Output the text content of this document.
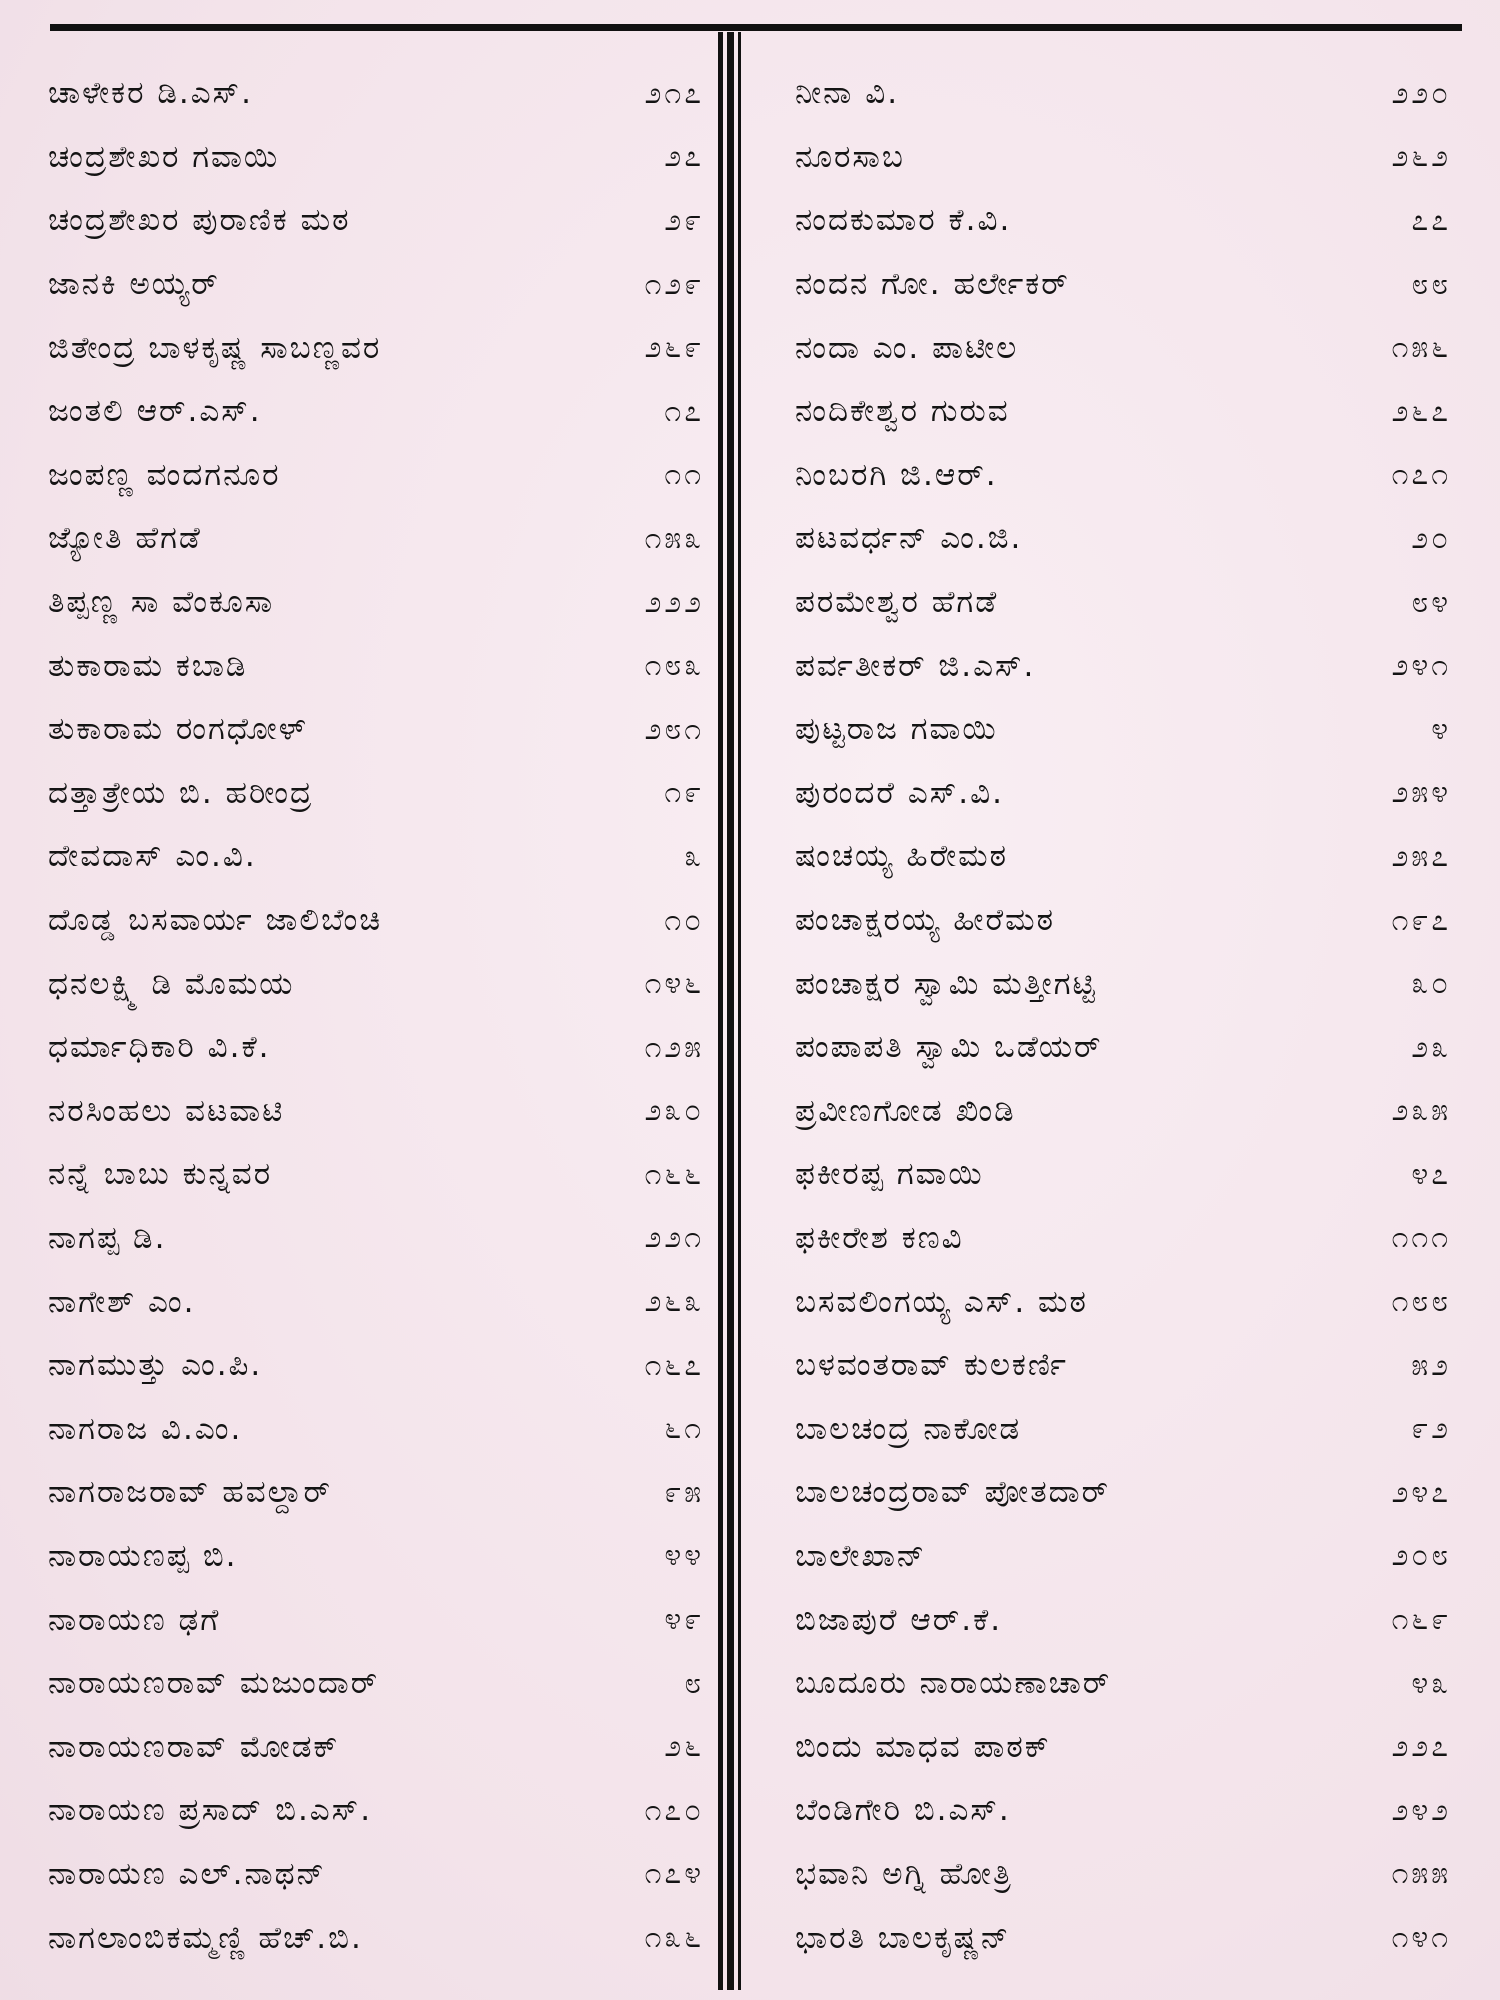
ಚಾಳೇಕರ ಡಿ.ಎಸ್.	೨೧೭
ಚಂದ್ರಶೇಖರ ಗವಾಯಿ	೨೭
ಚಂದ್ರಶೇಖರ ಪುರಾಣಿಕ ಮಠ	೨೯
ಜಾನಕಿ ಅಯ್ಯರ್	೧೨೯
ಜಿತೇಂದ್ರ ಬಾಳಕೃಷ್ಣ ಸಾಬಣ್ಣವರ	೨೬೯
ಜಂತಲಿ ಆರ್.ಎಸ್.	೧೭
ಜಂಪಣ್ಣ ವಂದಗನೂರ	೧೧
ಜ್ಯೋತಿ ಹೆಗಡೆ	೧೫೩
ತಿಪ್ಪಣ್ಣ ಸಾ ವೆಂಕೂಸಾ	೨೨೨
ತುಕಾರಾಮ ಕಬಾಡಿ	೧೮೩
ತುಕಾರಾಮ ರಂಗಧೋಳ್	೨೮೧
ದತ್ತಾತ್ರೇಯ ಬಿ. ಹರೀಂದ್ರ	೧೯
ದೇವದಾಸ್ ಎಂ.ವಿ.	೩
ದೊಡ್ಡ ಬಸವಾರ್ಯ ಜಾಲಿಬೆಂಚಿ	೧೦
ಧನಲಕ್ಷ್ಮಿ ಡಿ ಮೊಮಯ	೧೪೬
ಧರ್ಮಾಧಿಕಾರಿ ವಿ.ಕೆ.	೧೨೫
ನರಸಿಂಹಲು ವಟವಾಟಿ	೨೩೦
ನನ್ನೆ ಬಾಬು ಕುನ್ನವರ	೧೬೬
ನಾಗಪ್ಪ ಡಿ.	೨೨೧
ನಾಗೇಶ್ ಎಂ.	೨೬೩
ನಾಗಮುತ್ತು ಎಂ.ಪಿ.	೧೬೭
ನಾಗರಾಜ ವಿ.ಎಂ.	೬೧
ನಾಗರಾಜರಾವ್ ಹವಲ್ದಾರ್	೯೫
ನಾರಾಯಣಪ್ಪ ಬಿ.	೪೪
ನಾರಾಯಣ ಢಗೆ	೪೯
ನಾರಾಯಣರಾವ್ ಮಜುಂದಾರ್	೮
ನಾರಾಯಣರಾವ್ ಮೋಡಕ್	೨೬
ನಾರಾಯಣ ಪ್ರಸಾದ್ ಬಿ.ಎಸ್.	೧೭೦
ನಾರಾಯಣ ಎಲ್.ನಾಥನ್	೧೭೪
ನಾಗಲಾಂಬಿಕಮ್ಮಣ್ಣಿ ಹೆಚ್.ಬಿ.	೧೩೬
ನೀನಾ ವಿ.	೨೨೦
ನೂರಸಾಬ	೨೬೨
ನಂದಕುಮಾರ ಕೆ.ವಿ.	೭೭
ನಂದನ ಗೋ. ಹರ್ಲೇಕರ್	೮೮
ನಂದಾ ಎಂ. ಪಾಟೀಲ	೧೫೬
ನಂದಿಕೇಶ್ವರ ಗುರುವ	೨೬೭
ನಿಂಬರಗಿ ಜಿ.ಆರ್.	೧೭೧
ಪಟವರ್ಧನ್ ಎಂ.ಜಿ.	೨೦
ಪರಮೇಶ್ವರ ಹೆಗಡೆ	೮೪
ಪರ್ವತೀಕರ್ ಜಿ.ಎಸ್.	೨೪೧
ಪುಟ್ಟರಾಜ ಗವಾಯಿ	೪
ಪುರಂದರೆ ಎಸ್.ವಿ.	೨೫೪
ಷಂಚಯ್ಯ ಹಿರೇಮಠ	೨೫೭
ಪಂಚಾಕ್ಷರಯ್ಯ ಹೀರೆಮಠ	೧೯೭
ಪಂಚಾಕ್ಷರ ಸ್ವಾಮಿ ಮತ್ತೀಗಟ್ಟಿ	೩೦
ಪಂಪಾಪತಿ ಸ್ವಾಮಿ ಒಡೆಯರ್	೨೩
ಪ್ರವೀಣಗೋಡ ಖಿಂಡಿ	೨೩೫
ಫಕೀರಪ್ಪ ಗವಾಯಿ	೪೭
ಫಕೀರೇಶ ಕಣವಿ	೧೧೧
ಬಸವಲಿಂಗಯ್ಯ ಎಸ್. ಮಠ	೧೮೮
ಬಳವಂತರಾವ್ ಕುಲಕರ್ಣಿ	೫೨
ಬಾಲಚಂದ್ರ ನಾಕೋಡ	೯೨
ಬಾಲಚಂದ್ರರಾವ್ ಪೋತದಾರ್	೨೪೭
ಬಾಲೇಖಾನ್	೨೦೮
ಬಿಜಾಪುರೆ ಆರ್.ಕೆ.	೧೬೯
ಬೂದೂರು ನಾರಾಯಣಾಚಾರ್	೪೩
ಬಿಂದು ಮಾಧವ ಪಾಠಕ್	೨೨೭
ಬೆಂಡಿಗೇರಿ ಬಿ.ಎಸ್.	೨೪೨
ಭವಾನಿ ಅಗ್ನಿ ಹೋತ್ರಿ	೧೫೫
ಭಾರತಿ ಬಾಲಕೃಷ್ಣನ್	೧೪೧
